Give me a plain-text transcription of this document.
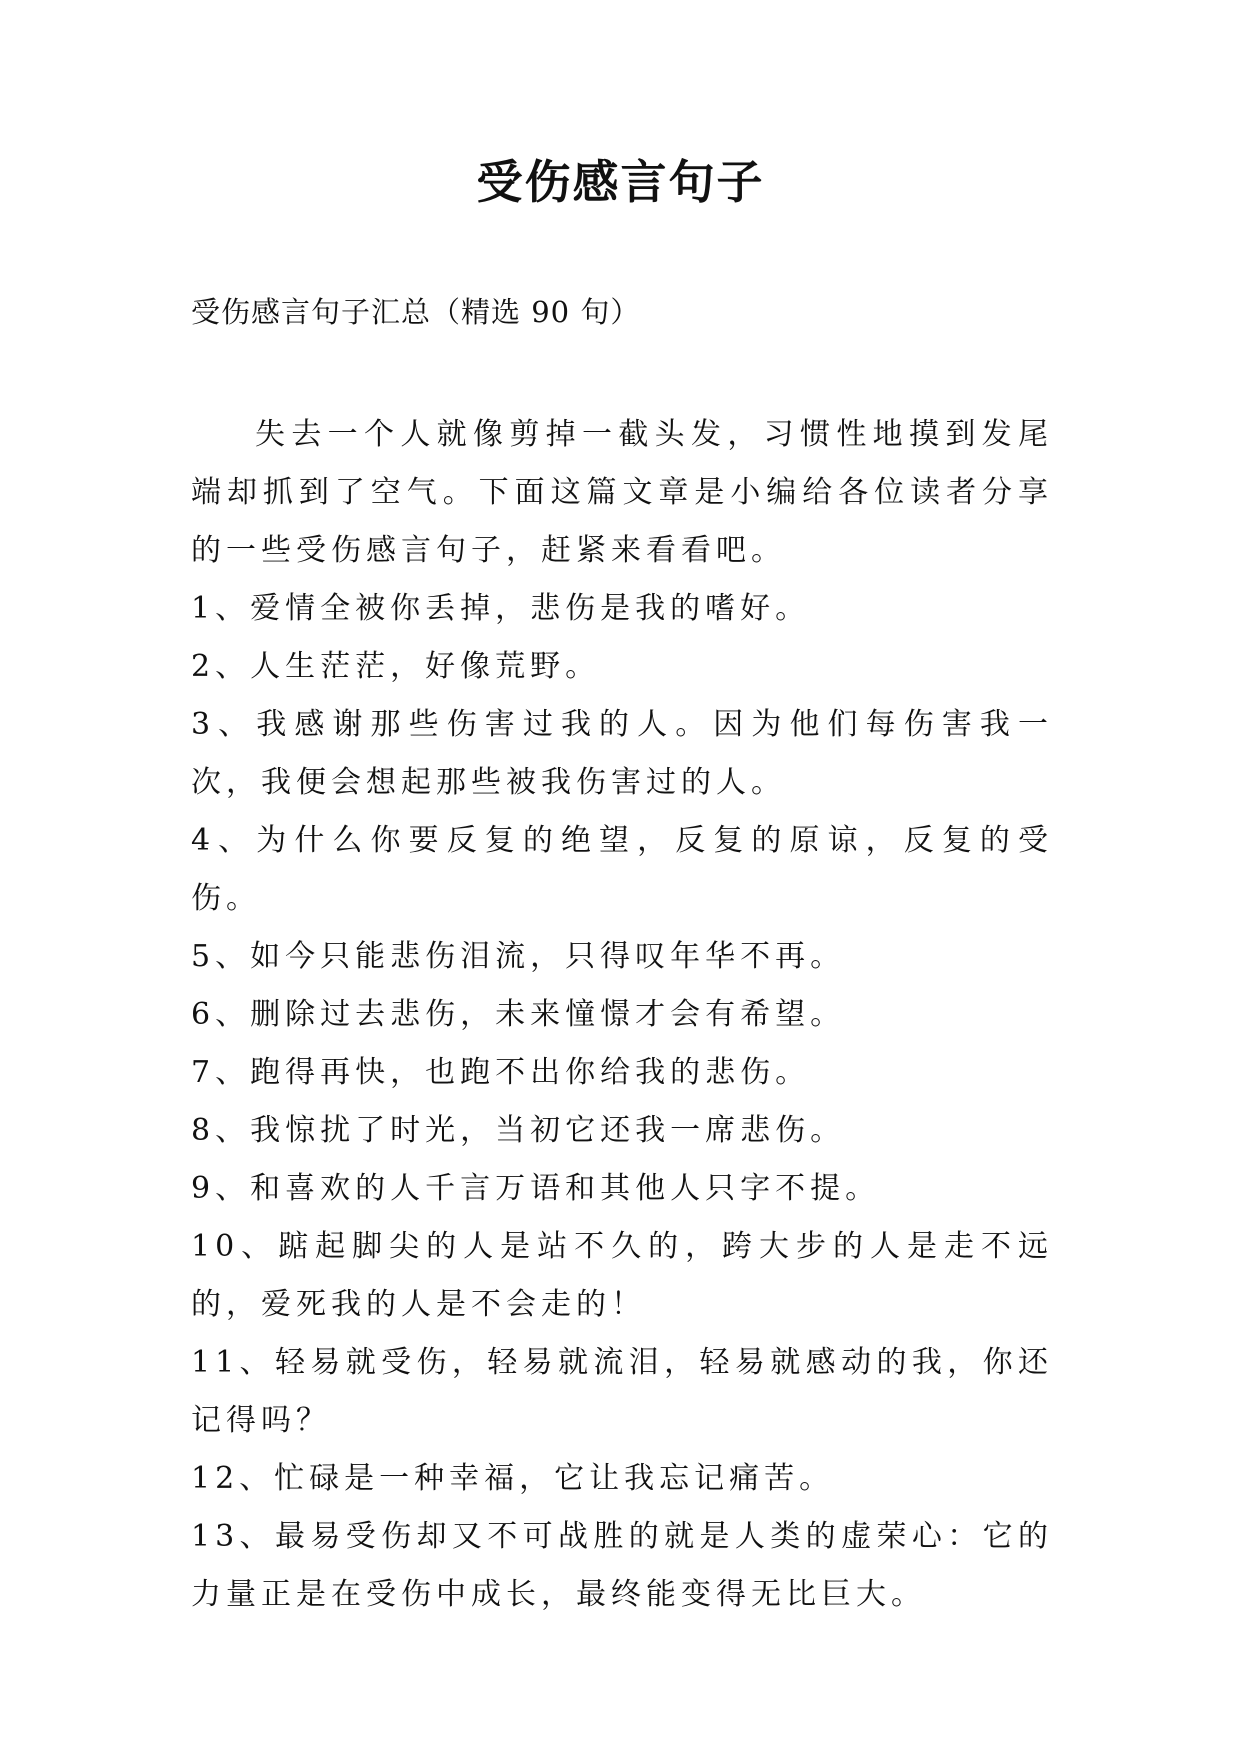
受伤感言句子

受伤感言句子汇总（精选 90 句）

失去一个人就像剪掉一截头发，习惯性地摸到发尾端却抓到了空气。下面这篇文章是小编给各位读者分享的一些受伤感言句子，赶紧来看看吧。

1、爱情全被你丢掉，悲伤是我的嗜好。

2、人生茫茫，好像荒野。

3、我感谢那些伤害过我的人。因为他们每伤害我一次，我便会想起那些被我伤害过的人。

4、为什么你要反复的绝望，反复的原谅，反复的受伤。

5、如今只能悲伤泪流，只得叹年华不再。

6、删除过去悲伤，未来憧憬才会有希望。

7、跑得再快，也跑不出你给我的悲伤。

8、我惊扰了时光，当初它还我一席悲伤。

9、和喜欢的人千言万语和其他人只字不提。

10、踮起脚尖的人是站不久的，跨大步的人是走不远的，爱死我的人是不会走的！

11、轻易就受伤，轻易就流泪，轻易就感动的我，你还记得吗？

12、忙碌是一种幸福，它让我忘记痛苦。

13、最易受伤却又不可战胜的就是人类的虚荣心：它的力量正是在受伤中成长，最终能变得无比巨大。
